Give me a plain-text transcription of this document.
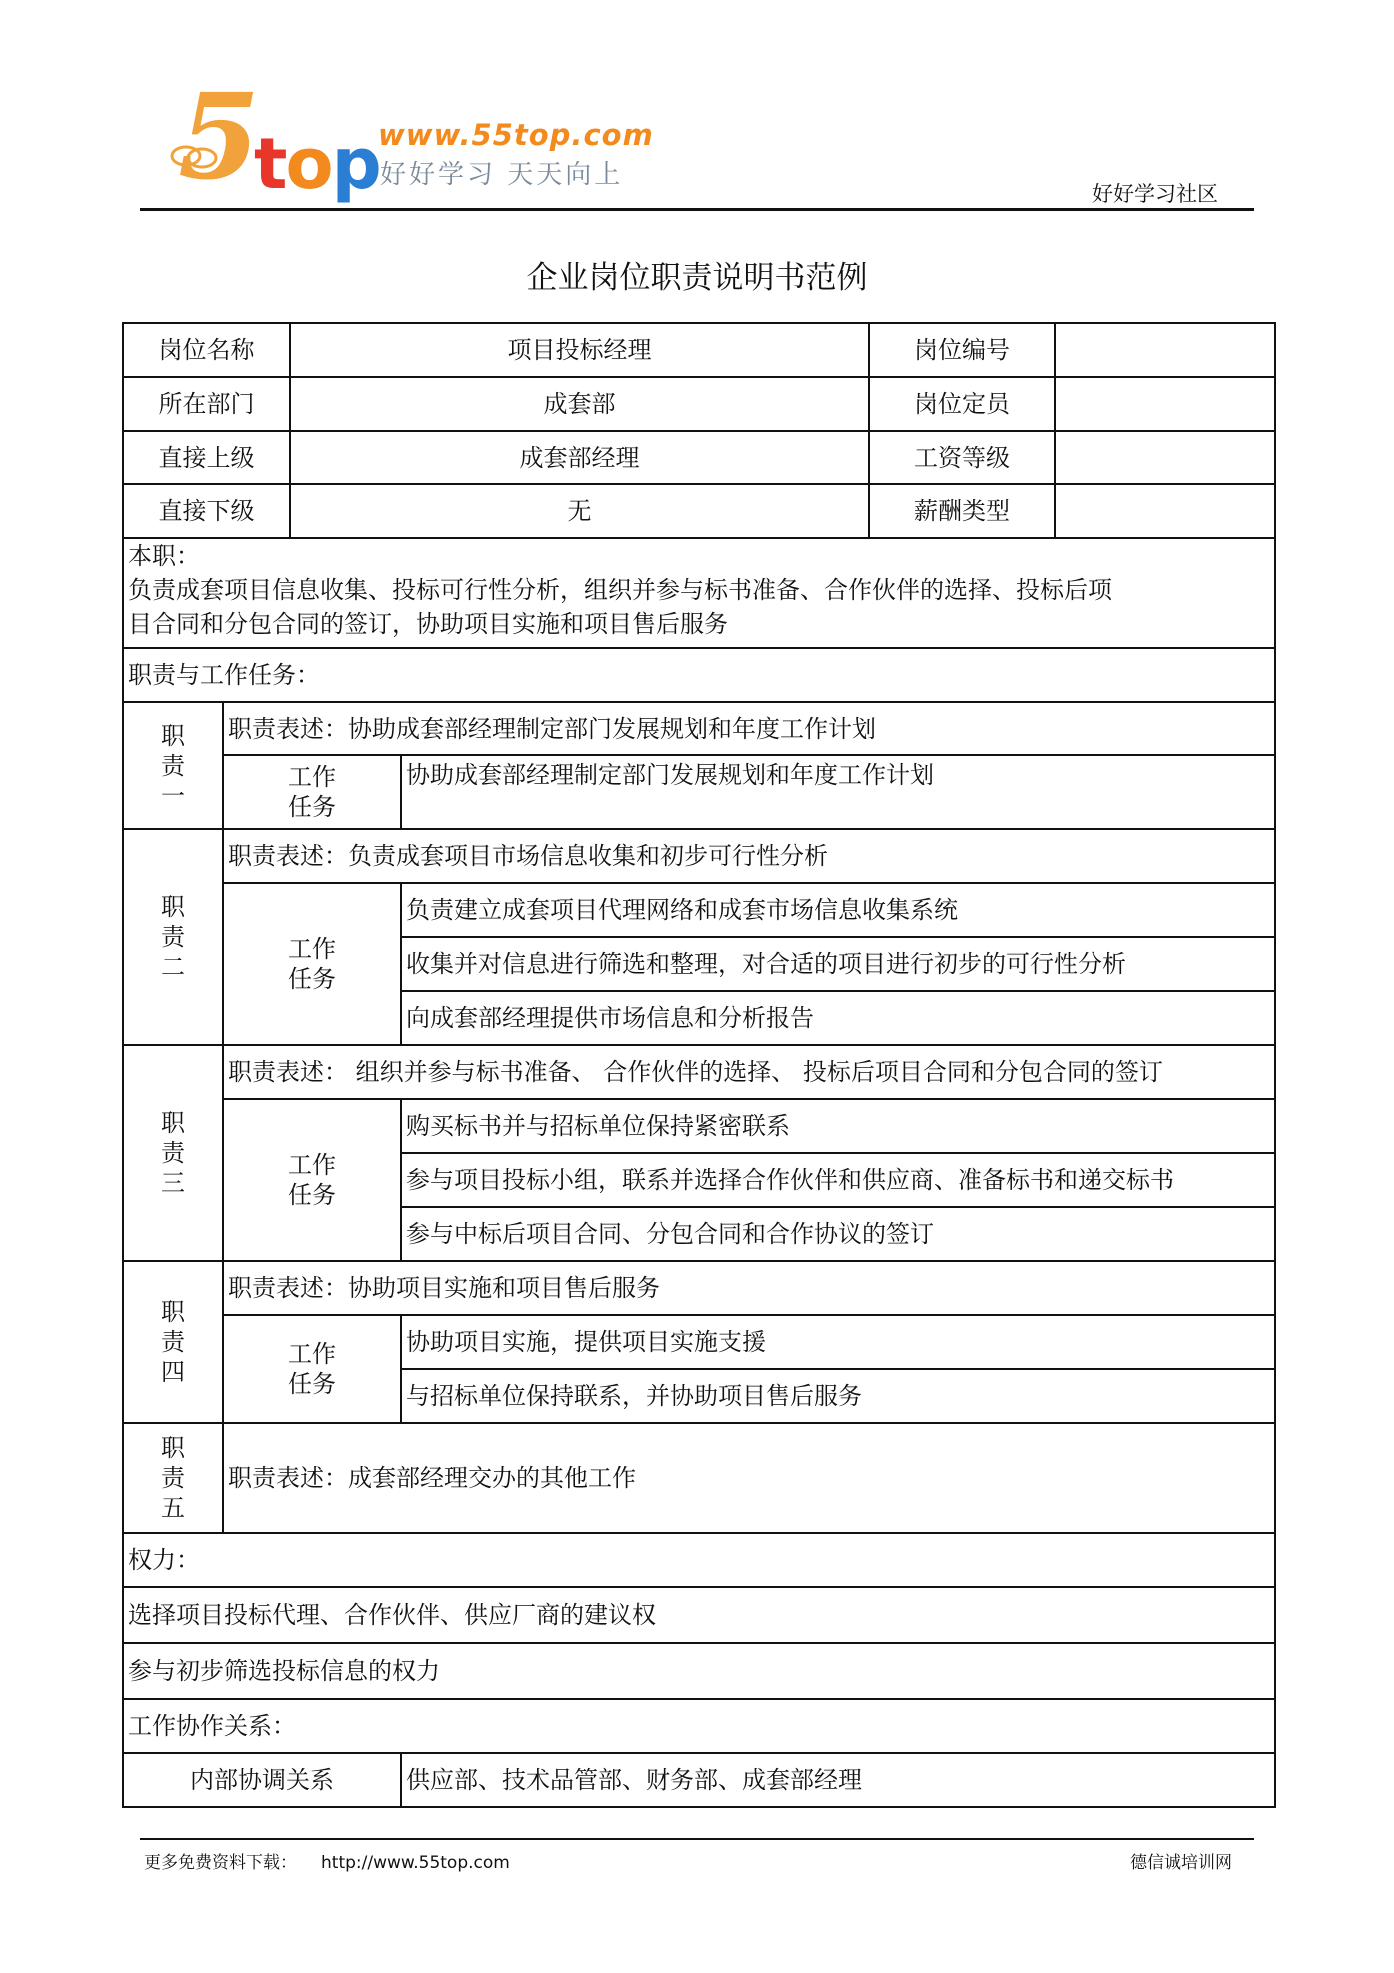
5
top
www.55top.com
好好学习 天天向上
好好学习社区
企业岗位职责说明书范例
岗位名称		项目投标经理		岗位编号	
所在部门		成套部		岗位定员	
直接上级		成套部经理		工资等级	
直接下级		无		薪酬类型	

本职：
负责成套项目信息收集、投标可行性分析，组织并参与标书准备、合作伙伴的选择、投标后项
目合同和分包合同的签订，协助项目实施和项目售后服务					

职责与工作任务：					

职
责
一	职责表述：协助成套部经理制定部门发展规划和年度工作计划				

	工作
任务		协助成套部经理制定部门发展规划和年度工作计划		

职
责
二	职责表述：负责成套项目市场信息收集和初步可行性分析				

	工作
任务		负责建立成套项目代理网络和成套市场信息收集系统		
			收集并对信息进行筛选和整理，对合适的项目进行初步的可行性分析		
			向成套部经理提供市场信息和分析报告		

职
责
三	职责表述： 组织并参与标书准备、 合作伙伴的选择、 投标后项目合同和分包合同的签订				

	工作
任务		购买标书并与招标单位保持紧密联系		
			参与项目投标小组，联系并选择合作伙伴和供应商、准备标书和递交标书		
			参与中标后项目合同、分包合同和合作协议的签订		

职
责
四	职责表述：协助项目实施和项目售后服务				

	工作
任务		协助项目实施，提供项目实施支援		
			与招标单位保持联系，并协助项目售后服务		

职
责
五	职责表述：成套部经理交办的其他工作				
权力：					
选择项目投标代理、合作伙伴、供应厂商的建议权					
参与初步筛选投标信息的权力					
工作协作关系：					
内部协调关系			供应部、技术品管部、财务部、成套部经理		
更多免费资料下载： http://www.55top.com	德信诚培训网
